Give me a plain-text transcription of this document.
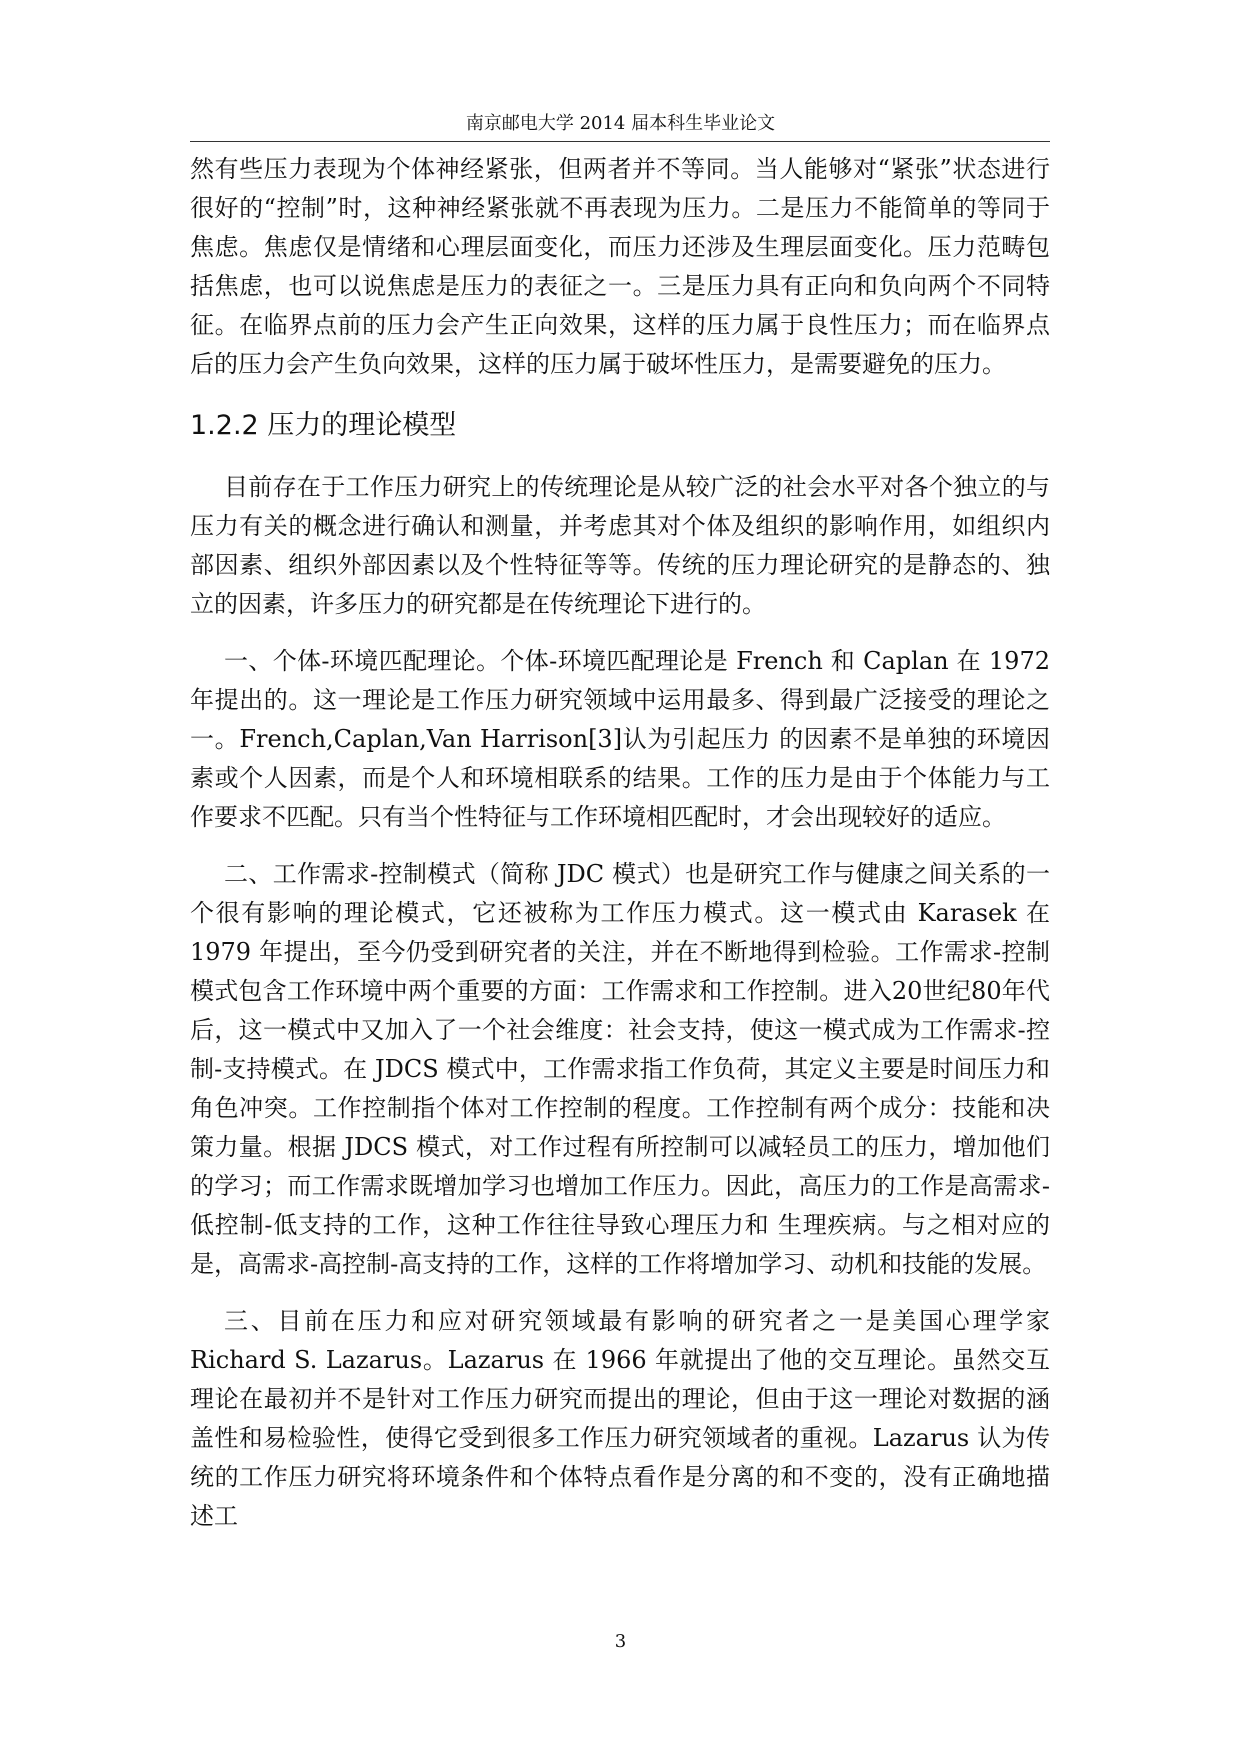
南京邮电大学 2014 届本科生毕业论文

然有些压力表现为个体神经紧张，但两者并不等同。当人能够对“紧张”状态进行很好的“控制”时，这种神经紧张就不再表现为压力。二是压力不能简单的等同于焦虑。焦虑仅是情绪和心理层面变化，而压力还涉及生理层面变化。压力范畴包括焦虑，也可以说焦虑是压力的表征之一。三是压力具有正向和负向两个不同特征。在临界点前的压力会产生正向效果，这样的压力属于良性压力；而在临界点后的压力会产生负向效果，这样的压力属于破坏性压力，是需要避免的压力。

1.2.2 压力的理论模型

目前存在于工作压力研究上的传统理论是从较广泛的社会水平对各个独立的与压力有关的概念进行确认和测量，并考虑其对个体及组织的影响作用，如组织内部因素、组织外部因素以及个性特征等等。传统的压力理论研究的是静态的、独立的因素，许多压力的研究都是在传统理论下进行的。

一、个体-环境匹配理论。个体-环境匹配理论是 French 和 Caplan 在 1972 年提出的。这一理论是工作压力研究领域中运用最多、得到最广泛接受的理论之一。French,Caplan,Van Harrison[3]认为引起压力 的因素不是单独的环境因素或个人因素，而是个人和环境相联系的结果。工作的压力是由于个体能力与工作要求不匹配。只有当个性特征与工作环境相匹配时，才会出现较好的适应。

二、工作需求-控制模式（简称 JDC 模式）也是研究工作与健康之间关系的一个很有影响的理论模式，它还被称为工作压力模式。这一模式由 Karasek 在 1979 年提出，至今仍受到研究者的关注，并在不断地得到检验。工作需求-控制模式包含工作环境中两个重要的方面：工作需求和工作控制。进入20世纪80年代后，这一模式中又加入了一个社会维度：社会支持，使这一模式成为工作需求-控制-支持模式。在 JDCS 模式中，工作需求指工作负荷，其定义主要是时间压力和角色冲突。工作控制指个体对工作控制的程度。工作控制有两个成分：技能和决策力量。根据 JDCS 模式，对工作过程有所控制可以减轻员工的压力，增加他们的学习；而工作需求既增加学习也增加工作压力。因此，高压力的工作是高需求-低控制-低支持的工作，这种工作往往导致心理压力和 生理疾病。与之相对应的是，高需求-高控制-高支持的工作，这样的工作将增加学习、动机和技能的发展。

三、目前在压力和应对研究领域最有影响的研究者之一是美国心理学家 Richard S. Lazarus。Lazarus 在 1966 年就提出了他的交互理论。虽然交互理论在最初并不是针对工作压力研究而提出的理论，但由于这一理论对数据的涵盖性和易检验性，使得它受到很多工作压力研究领域者的重视。Lazarus 认为传统的工作压力研究将环境条件和个体特点看作是分离的和不变的，没有正确地描述工

3
